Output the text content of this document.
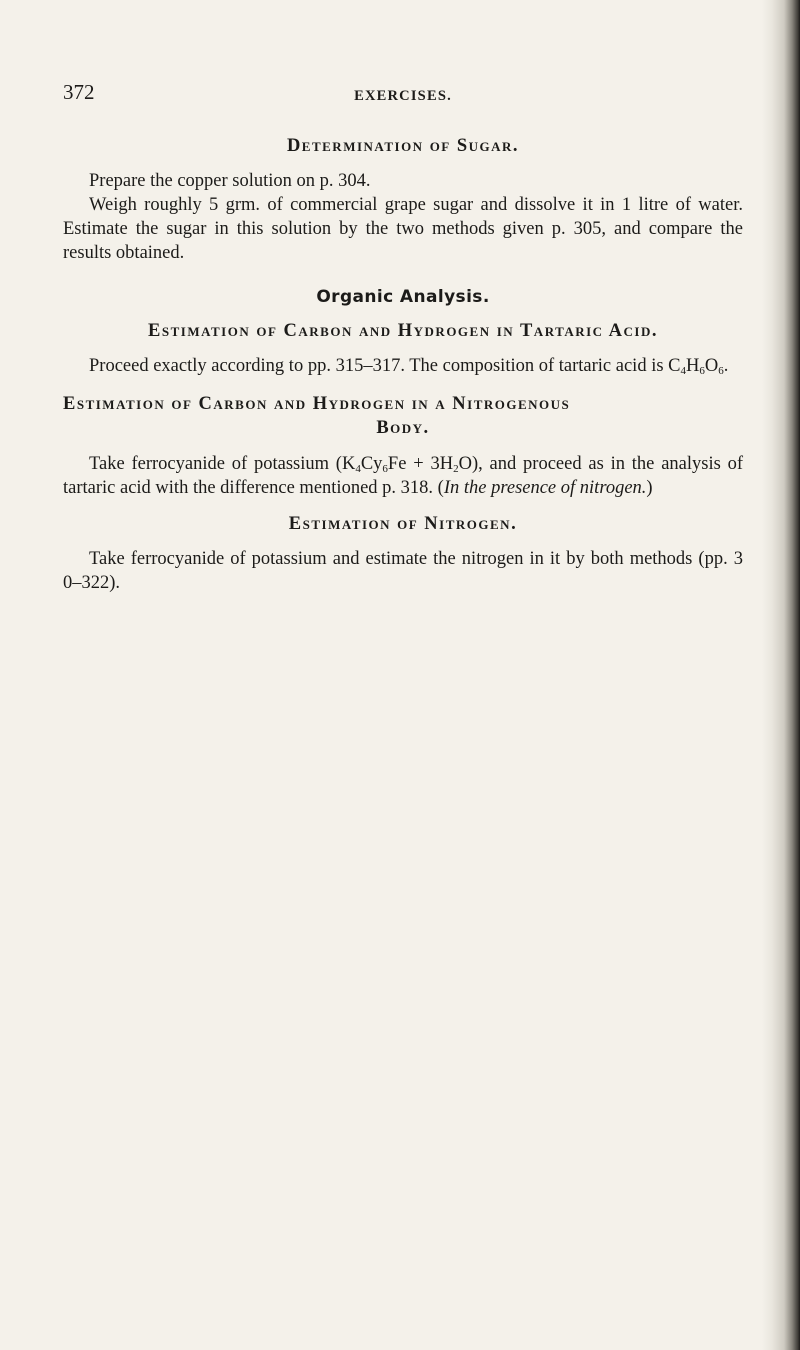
372	EXERCISES.
Determination of Sugar.

Prepare the copper solution on p. 304.

Weigh roughly 5 grm. of commercial grape sugar and dissolve it in 1 litre of water. Estimate the sugar in this solution by the two methods given p. 305, and compare the results obtained.

Organic Analysis.
Estimation of Carbon and Hydrogen in Tartaric Acid.

Proceed exactly according to pp. 315–317. The composition of tartaric acid is $C_4H_6O_6$.

Estimation of Carbon and Hydrogen in a Nitrogenous
Body.

Take ferrocyanide of potassium $(K_4Cy_6Fe + 3H_2O)$, and proceed as in the analysis of tartaric acid with the difference mentioned p. 318. (In the presence of nitrogen.)

Estimation of Nitrogen.

Take ferrocyanide of potassium and estimate the nitrogen in it by both methods (pp. 3 0–322).
